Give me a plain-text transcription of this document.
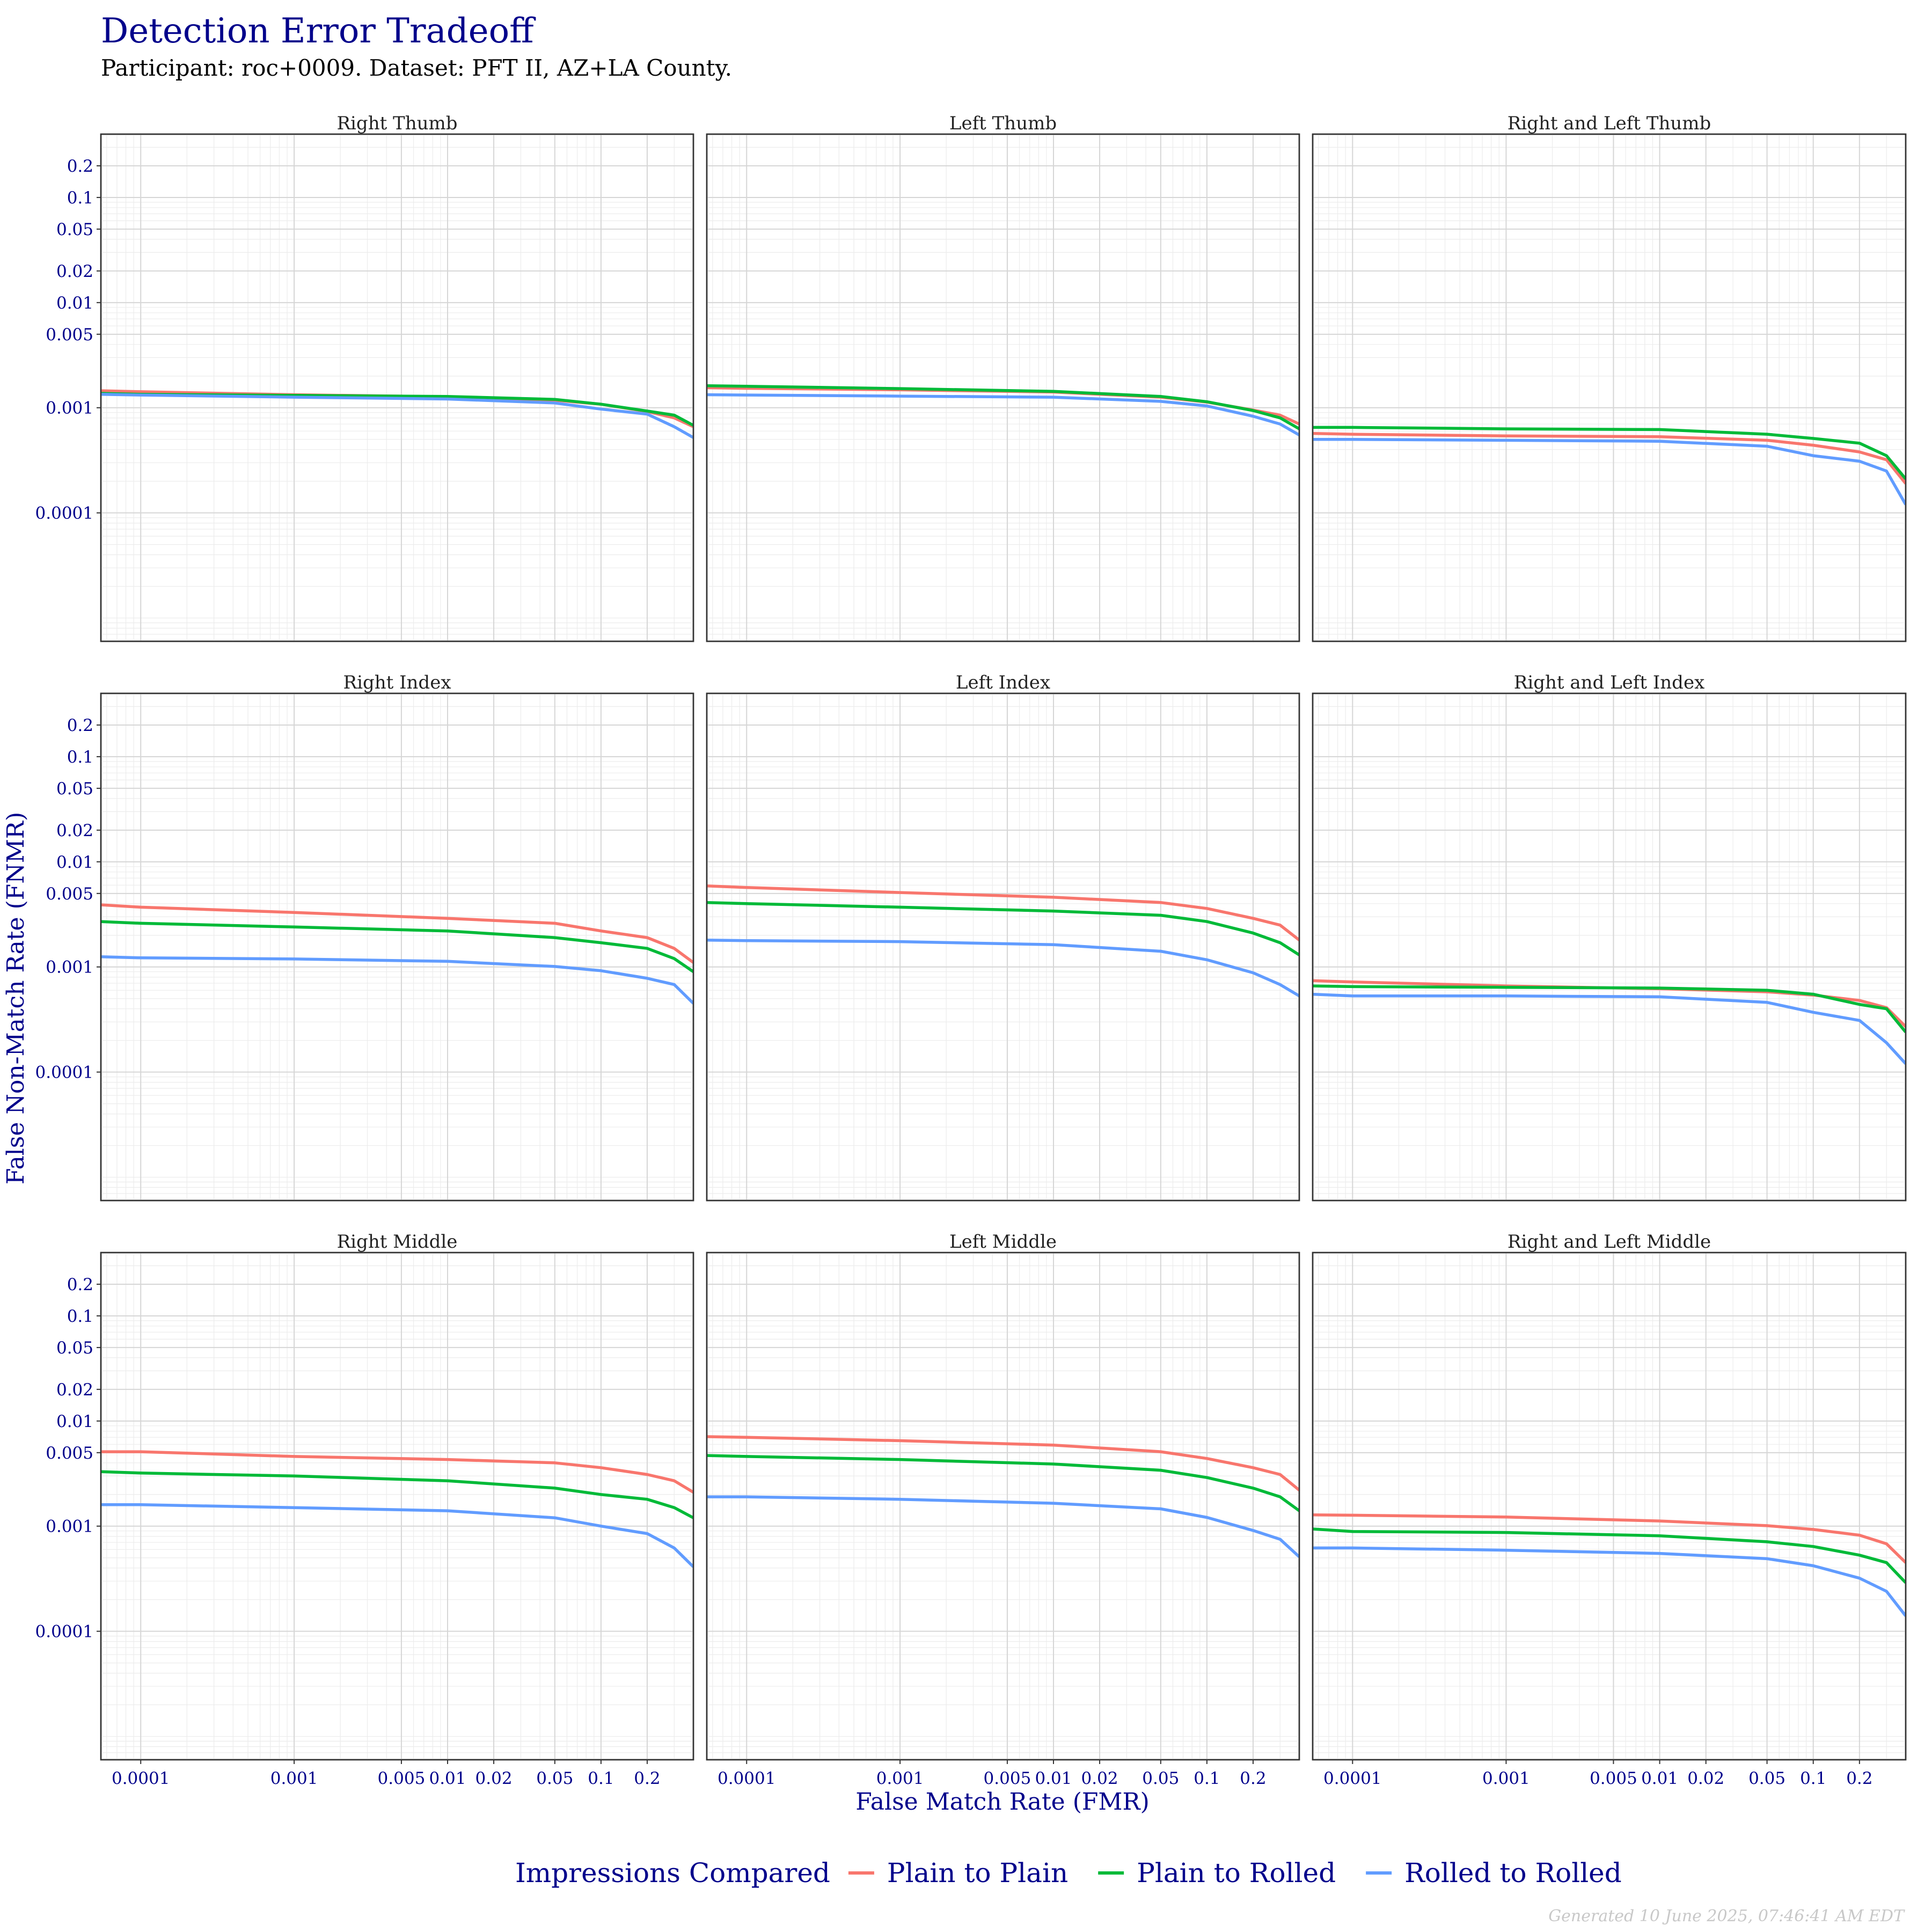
Detection Error Tradeoff
Participant: roc+0009. Dataset: PFT II, AZ+LA County.
Right Thumb
0.0001
0.001
0.005
0.01
0.02
0.05
0.1
0.2
Left Thumb	Right and Left Thumb
Right Index
0.0001
0.001
0.005
0.01
0.02
0.05
0.1
0.2
Left Index	Right and Left Index
Right Middle
0.0001
0.001
0.005
0.01
0.02
0.05
0.1
0.2
0.0001	0.001	0.005 0.01 0.02 0.05 0.1 0.2
Left Middle
0.0001	0.001	0.005 0.01 0.02 0.05 0.1 0.2
Right and Left Middle
0.0001	0.001	0.005 0.01 0.02 0.05 0.1 0.2
False Match Rate (FMR)
False Non-Match Rate (FNMR)
Impressions Compared Plain to Plain	Plain to Rolled	Rolled to Rolled
Generated 10 June 2025, 07:46:41 AM EDT
